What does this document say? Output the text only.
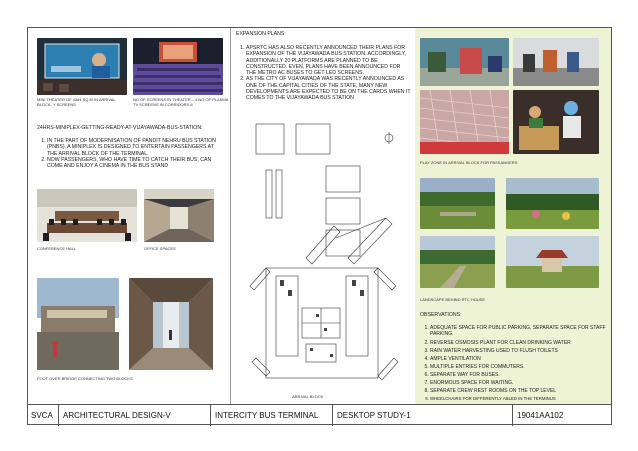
MINI THEATER OF 4364 SQ M IN ARRIVAL BLOCK- Y SCREENS
NO OF SCREENS IN THEATER – 4 NO OF PLASMA TV SCREENS IN CORRIDORS-6
24HRS-MINIPLEX-GETTING-READY-AT-VIJAYAWADA-BUS-STATION:
1. IN THE PART OF MODERNISATION OF PANDIT NEHRU BUS STATION (PNBS), A MINIPLEX IS DESIGNED TO ENTERTAIN PASSENGERS AT THE ARRIVAL BLOCK OF THE TERMINAL.
2. NOW PASSENGERS, WHO HAVE TIME TO CATCH THEIR BUS, CAN COME AND ENJOY A CINEMA IN THE BUS STAND
CONFERENCE HALL	OFFICE SPACES
FOOT OVER BRIDGE CONNECTING TWO BLOCKS
EXPANSION PLANS:
1. APSRTC HAS ALSO RECENTLY ANNOUNCED THEIR PLANS FOR EXPANSION OF THE VIJAYAWADA BUS STATION. ACCORDINGLY, ADDITIONALLY 20 PLATFORMS ARE PLANNED TO BE CONSTRUCTED. EVEN, PLANS HAVE BEEN ANNOUNCED FOR THE METRO AC BUSES TO GET LED SCREENS.
2. AS THE CITY OF VIJAYAWADA WAS RECENTLY ANNOUNCED AS ONE OF THE CAPITAL CITIES OF THE STATE, MANY NEW DEVELOPMENTS ARE EXPECTED TO BE ON THE CARDS WHEN IT COMES TO THE VIJAYAWADA BUS STATION
ARRIVAL BLOCK
PLAY ZONE IN ARRIVAL BLOCK FOR PASSANGERS
LANDSCAPE BEHIND RTC HOUSE
OBSERVATIONS:
1. ADEQUATE SPACE FOR PUBLIC PARKING, SEPARATE SPACE FOR STAFF PARKING.
2. REVERSE OSMOSIS PLANT FOR CLEAN DRINKING WATER
3. RAIN WATER HARVESTING USED TO FLUSH TOILETS
4. AMPLE VENTILATION
5. MULTIPLE ENTRIES FOR COMMUTERS.
6. SEPARATE WAY FOR BUSES.
7. ENORMOUS SPACE FOR WAITING.
8. SEPARATE CREW REST ROOMS ON THE TOP LEVEL
9. WHEELCHAIRS FOR DIFFERENTLY ABLED IN THE TERMINUS
SVCA	ARCHITECTURAL DESIGN-V	INTERCITY BUS TERMINAL	DESKTOP STUDY-1	19041AA102
